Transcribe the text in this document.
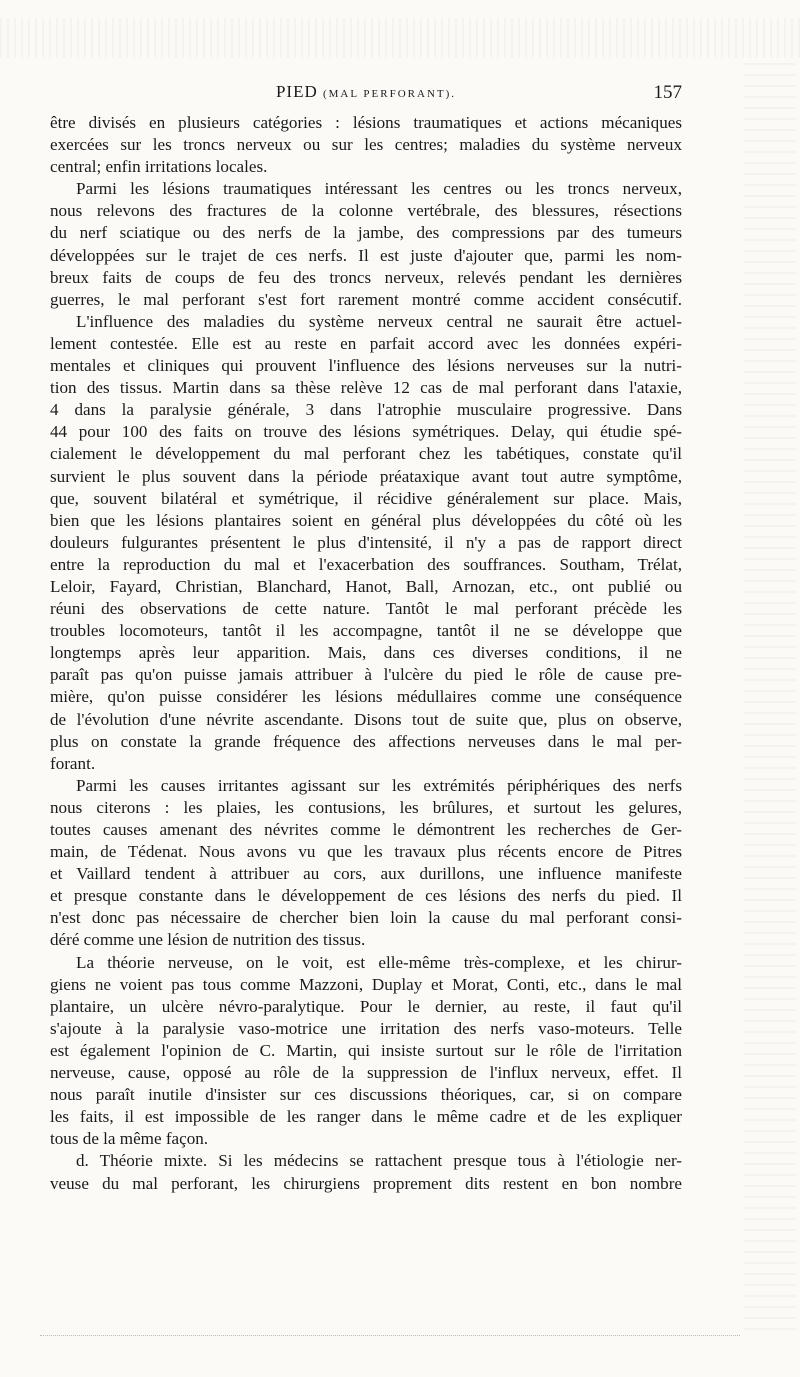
PIED (MAL PERFORANT).	157
être divisés en plusieurs catégories : lésions traumatiques et actions mécaniques
exercées sur les troncs nerveux ou sur les centres; maladies du système nerveux
central; enfin irritations locales.
Parmi les lésions traumatiques intéressant les centres ou les troncs nerveux,
nous relevons des fractures de la colonne vertébrale, des blessures, résections
du nerf sciatique ou des nerfs de la jambe, des compressions par des tumeurs
développées sur le trajet de ces nerfs. Il est juste d'ajouter que, parmi les nom-
breux faits de coups de feu des troncs nerveux, relevés pendant les dernières
guerres, le mal perforant s'est fort rarement montré comme accident consécutif.
L'influence des maladies du système nerveux central ne saurait être actuel-
lement contestée. Elle est au reste en parfait accord avec les données expéri-
mentales et cliniques qui prouvent l'influence des lésions nerveuses sur la nutri-
tion des tissus. Martin dans sa thèse relève 12 cas de mal perforant dans l'ataxie,
4 dans la paralysie générale, 3 dans l'atrophie musculaire progressive. Dans
44 pour 100 des faits on trouve des lésions symétriques. Delay, qui étudie spé-
cialement le développement du mal perforant chez les tabétiques, constate qu'il
survient le plus souvent dans la période préataxique avant tout autre symptôme,
que, souvent bilatéral et symétrique, il récidive généralement sur place. Mais,
bien que les lésions plantaires soient en général plus développées du côté où les
douleurs fulgurantes présentent le plus d'intensité, il n'y a pas de rapport direct
entre la reproduction du mal et l'exacerbation des souffrances. Southam, Trélat,
Leloir, Fayard, Christian, Blanchard, Hanot, Ball, Arnozan, etc., ont publié ou
réuni des observations de cette nature. Tantôt le mal perforant précède les
troubles locomoteurs, tantôt il les accompagne, tantôt il ne se développe que
longtemps après leur apparition. Mais, dans ces diverses conditions, il ne
paraît pas qu'on puisse jamais attribuer à l'ulcère du pied le rôle de cause pre-
mière, qu'on puisse considérer les lésions médullaires comme une conséquence
de l'évolution d'une névrite ascendante. Disons tout de suite que, plus on observe,
plus on constate la grande fréquence des affections nerveuses dans le mal per-
forant.
Parmi les causes irritantes agissant sur les extrémités périphériques des nerfs
nous citerons : les plaies, les contusions, les brûlures, et surtout les gelures,
toutes causes amenant des névrites comme le démontrent les recherches de Ger-
main, de Tédenat. Nous avons vu que les travaux plus récents encore de Pitres
et Vaillard tendent à attribuer au cors, aux durillons, une influence manifeste
et presque constante dans le développement de ces lésions des nerfs du pied. Il
n'est donc pas nécessaire de chercher bien loin la cause du mal perforant consi-
déré comme une lésion de nutrition des tissus.
La théorie nerveuse, on le voit, est elle-même très-complexe, et les chirur-
giens ne voient pas tous comme Mazzoni, Duplay et Morat, Conti, etc., dans le mal
plantaire, un ulcère névro-paralytique. Pour le dernier, au reste, il faut qu'il
s'ajoute à la paralysie vaso-motrice une irritation des nerfs vaso-moteurs. Telle
est également l'opinion de C. Martin, qui insiste surtout sur le rôle de l'irritation
nerveuse, cause, opposé au rôle de la suppression de l'influx nerveux, effet. Il
nous paraît inutile d'insister sur ces discussions théoriques, car, si on compare
les faits, il est impossible de les ranger dans le même cadre et de les expliquer
tous de la même façon.
d. Théorie mixte. Si les médecins se rattachent presque tous à l'étiologie ner-
veuse du mal perforant, les chirurgiens proprement dits restent en bon nombre
